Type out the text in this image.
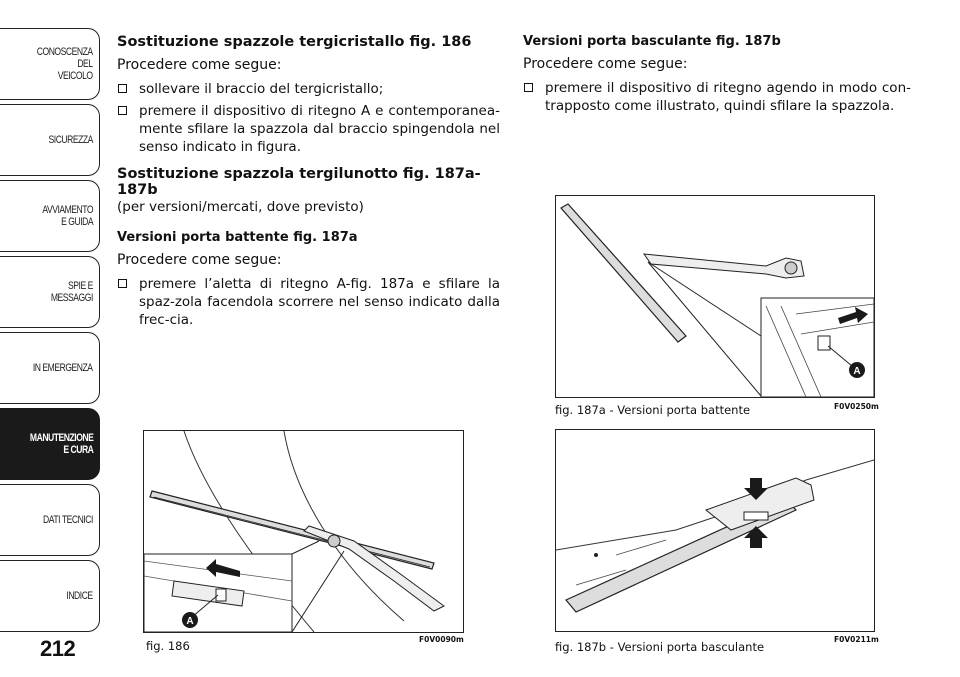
CONOSCENZA
DEL
VEICOLO
SICUREZZA
AVVIAMENTO
E GUIDA
SPIE E
MESSAGGI
IN EMERGENZA
MANUTENZIONE
E CURA
DATI TECNICI
INDICE
212
Sostituzione spazzole tergicristallo fig. 186
Procedere come segue:
sollevare il braccio del tergicristallo;
premere il dispositivo di ritegno A e contemporanea-mente sfilare la spazzola dal braccio spingendola nel senso indicato in figura.
Sostituzione spazzola tergilunotto fig. 187a-187b
(per versioni/mercati, dove previsto)
Versioni porta battente fig. 187a
Procedere come segue:
premere l’aletta di ritegno A-fig. 187a e sfilare la spaz-zola facendola scorrere nel senso indicato dalla frec-cia.
Versioni porta basculante fig. 187b
Procedere come segue:
premere il dispositivo di ritegno agendo in modo con-trapposto come illustrato, quindi sfilare la spazzola.
A
fig. 186	F0V0090m
A
fig. 187a - Versioni porta battente	F0V0250m
fig. 187b - Versioni porta basculante
F0V0211m
